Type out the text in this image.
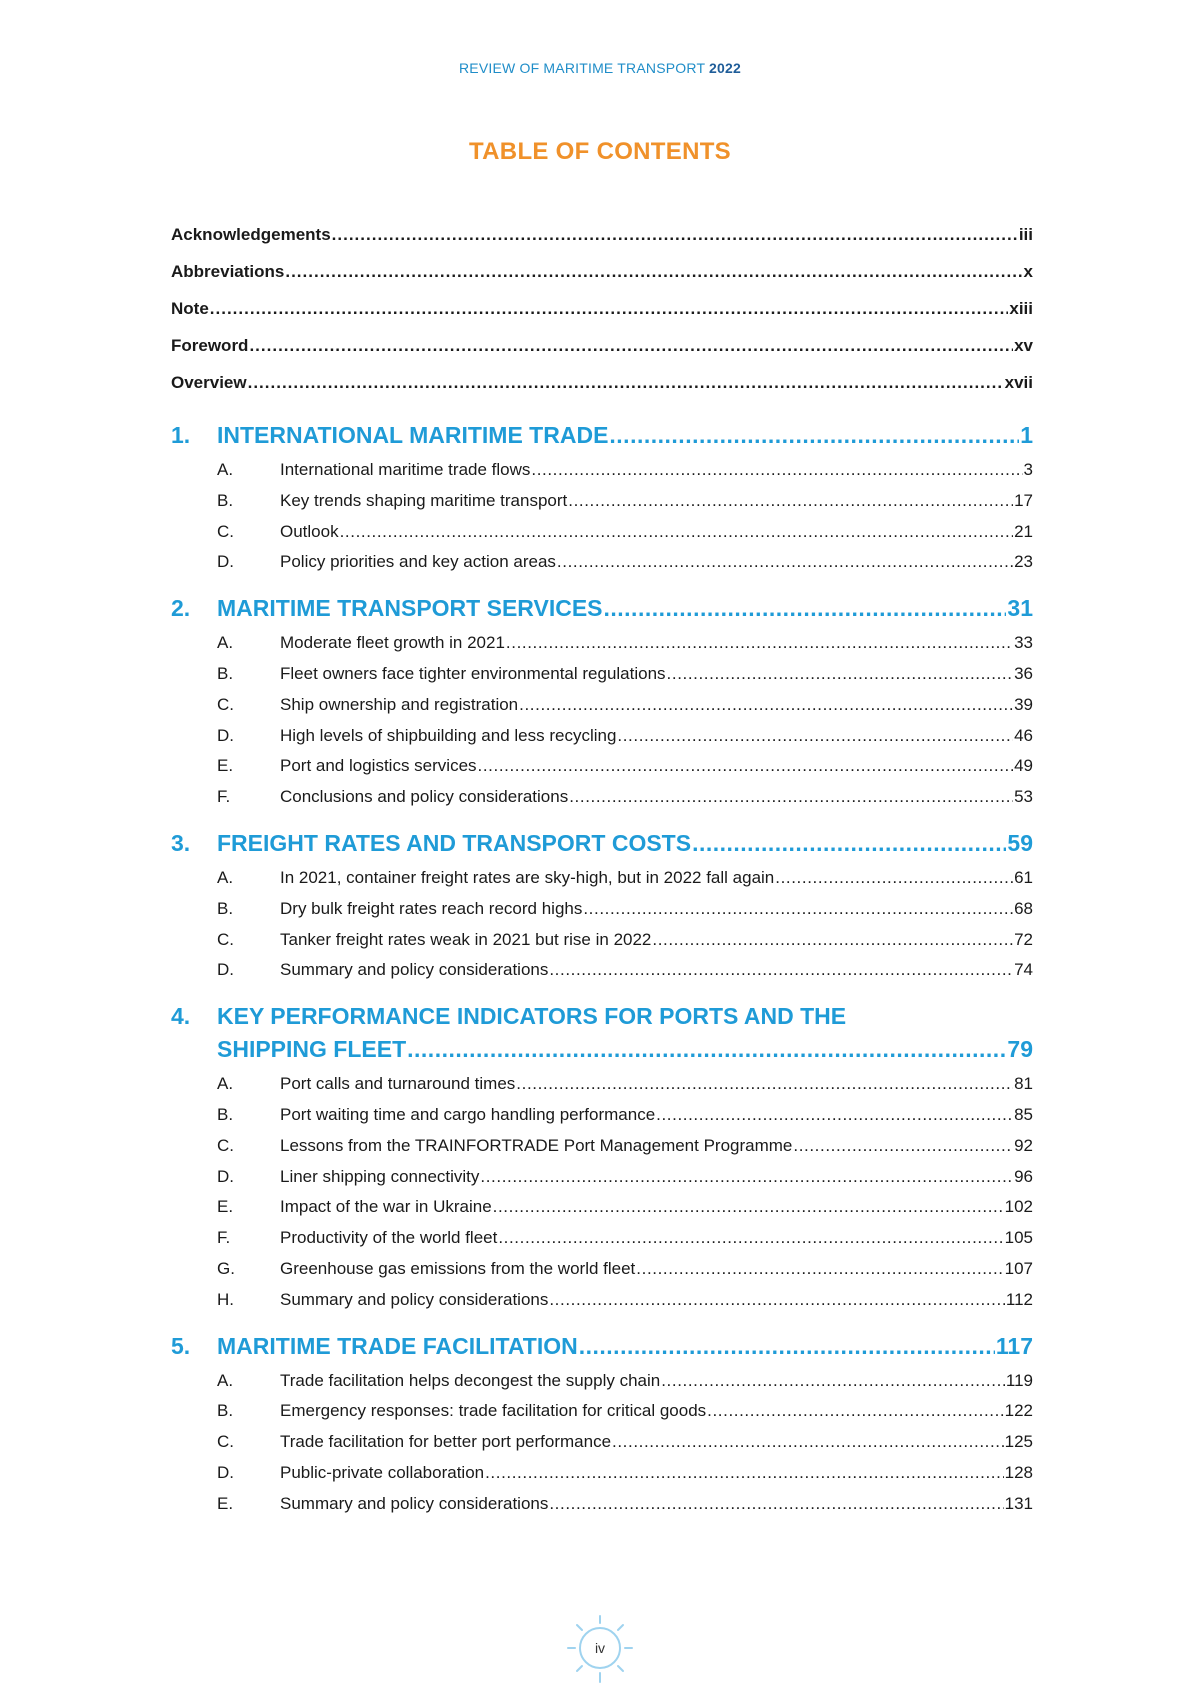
REVIEW OF MARITIME TRANSPORT 2022
TABLE OF CONTENTS
Acknowledgements .....	iii
Abbreviations .....	x
Note .....	xiii
Foreword .....	xv
Overview .....	xvii
1.	INTERNATIONAL MARITIME TRADE .....	1
A.	International maritime trade flows .....	3
B.	Key trends shaping maritime transport .....	17
C.	Outlook .....	21
D.	Policy priorities and key action areas .....	23
2.	MARITIME TRANSPORT SERVICES .....	31
A.	Moderate fleet growth in 2021 .....	33
B.	Fleet owners face tighter environmental regulations .....	36
C.	Ship ownership and registration .....	39
D.	High levels of shipbuilding and less recycling .....	46
E.	Port and logistics services .....	49
F.	Conclusions and policy considerations .....	53
3.	FREIGHT RATES AND TRANSPORT COSTS .....	59
A.	In 2021, container freight rates are sky-high, but in 2022 fall again .....	61
B.	Dry bulk freight rates reach record highs .....	68
C.	Tanker freight rates weak in 2021 but rise in 2022 .....	72
D.	Summary and policy considerations .....	74
4.	KEY PERFORMANCE INDICATORS FOR PORTS AND THE
SHIPPING FLEET .....	79
A.	Port calls and turnaround times .....	81
B.	Port waiting time and cargo handling performance .....	85
C.	Lessons from the TRAINFORTRADE Port Management Programme .....	92
D.	Liner shipping connectivity .....	96
E.	Impact of the war in Ukraine .....	102
F.	Productivity of the world fleet .....	105
G.	Greenhouse gas emissions from the world fleet .....	107
H.	Summary and policy considerations .....	112
5.	MARITIME TRADE FACILITATION .....	117
A.	Trade facilitation helps decongest the supply chain .....	119
B.	Emergency responses: trade facilitation for critical goods .....	122
C.	Trade facilitation for better port performance .....	125
D.	Public-private collaboration .....	128
E.	Summary and policy considerations .....	131
iv
